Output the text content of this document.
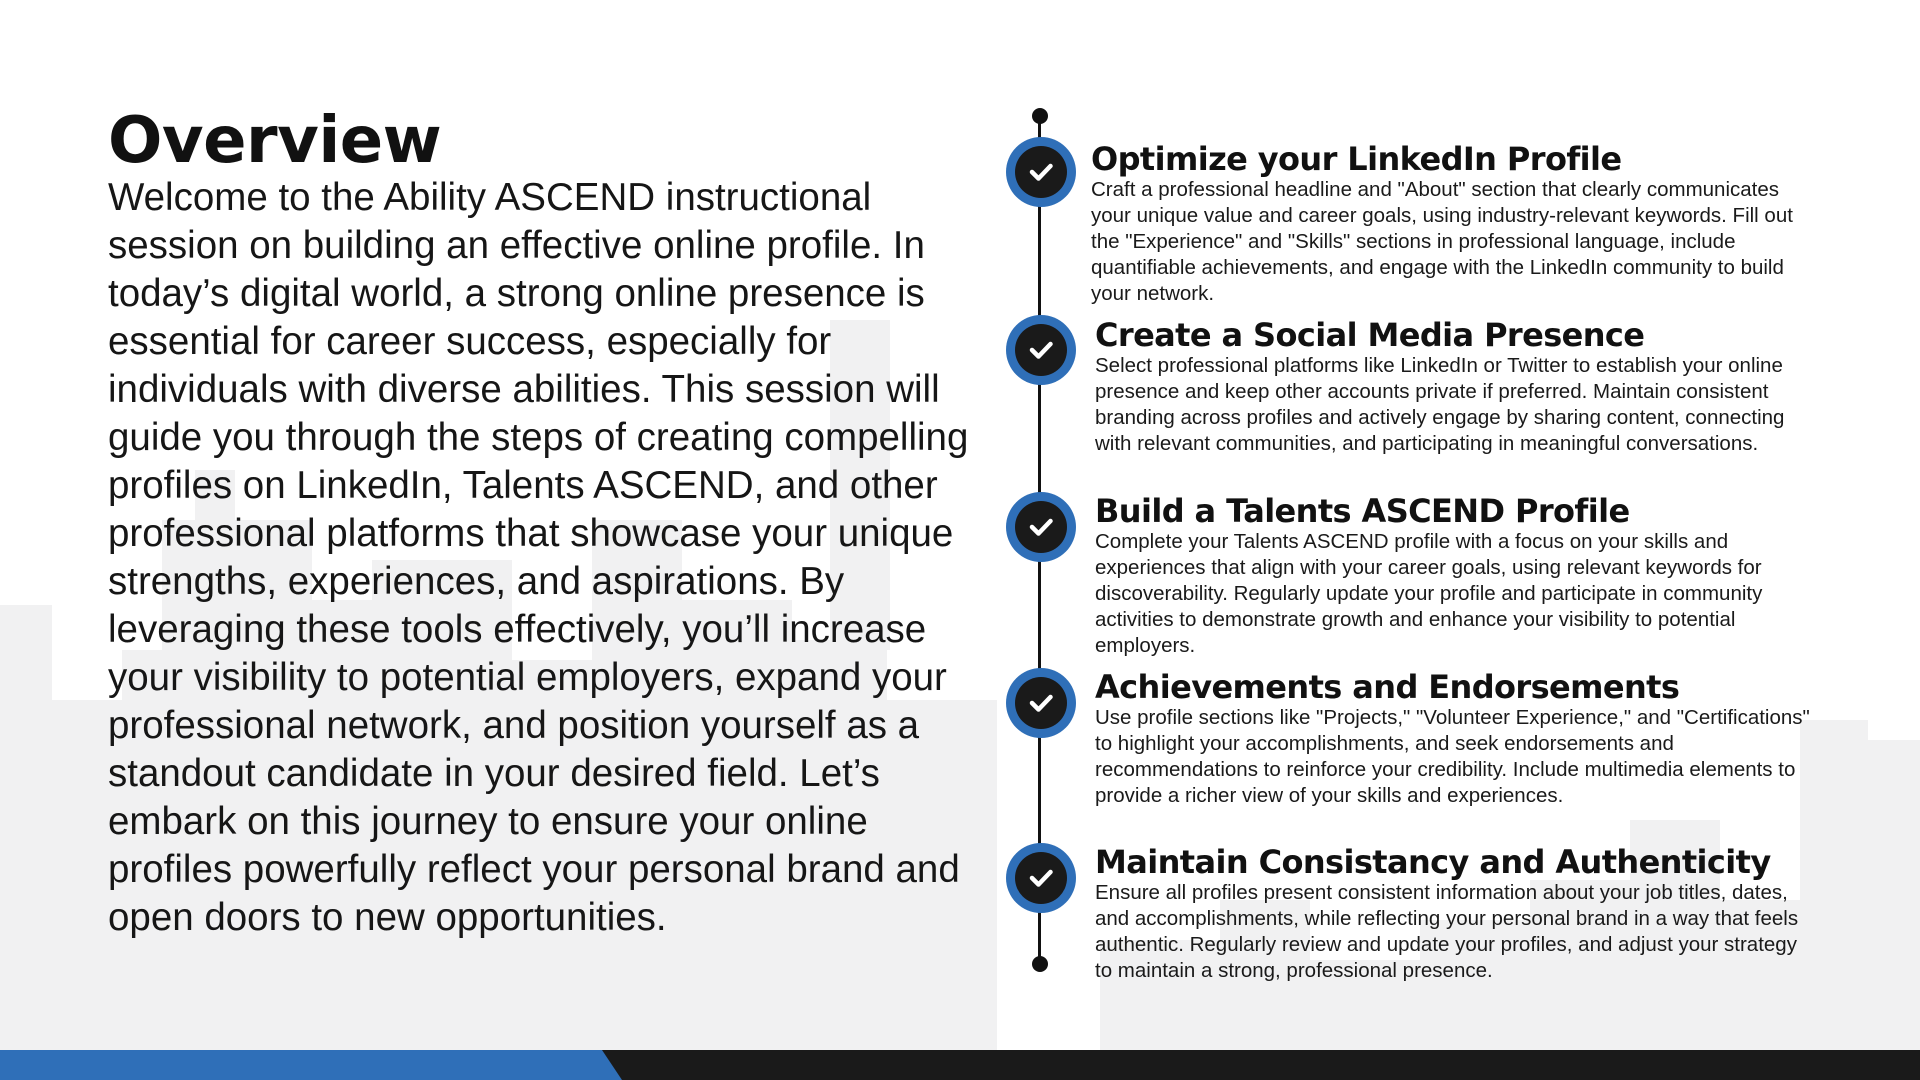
Overview

Welcome to the Ability ASCEND instructional session on building an effective online profile. In today’s digital world, a strong online presence is essential for career success, especially for individuals with diverse abilities. This session will guide you through the steps of creating compelling profiles on LinkedIn, Talents ASCEND, and other professional platforms that showcase your unique strengths, experiences, and aspirations. By leveraging these tools effectively, you’ll increase your visibility to potential employers, expand your professional network, and position yourself as a standout candidate in your desired field. Let’s embark on this journey to ensure your online profiles powerfully reflect your personal brand and open doors to new opportunities.

Optimize your LinkedIn Profile

Craft a professional headline and "About" section that clearly communicates your unique value and career goals, using industry-relevant keywords. Fill out the "Experience" and "Skills" sections in professional language, include quantifiable achievements, and engage with the LinkedIn community to build your network.

Create a Social Media Presence

Select professional platforms like LinkedIn or Twitter to establish your online presence and keep other accounts private if preferred. Maintain consistent branding across profiles and actively engage by sharing content, connecting with relevant communities, and participating in meaningful conversations.

Build a Talents ASCEND Profile

Complete your Talents ASCEND profile with a focus on your skills and experiences that align with your career goals, using relevant keywords for discoverability. Regularly update your profile and participate in community activities to demonstrate growth and enhance your visibility to potential employers.

Achievements and Endorsements

Use profile sections like "Projects," "Volunteer Experience," and "Certifications" to highlight your accomplishments, and seek endorsements and recommendations to reinforce your credibility. Include multimedia elements to provide a richer view of your skills and experiences.

Maintain Consistancy and Authenticity

Ensure all profiles present consistent information about your job titles, dates, and accomplishments, while reflecting your personal brand in a way that feels authentic. Regularly review and update your profiles, and adjust your strategy to maintain a strong, professional presence.
